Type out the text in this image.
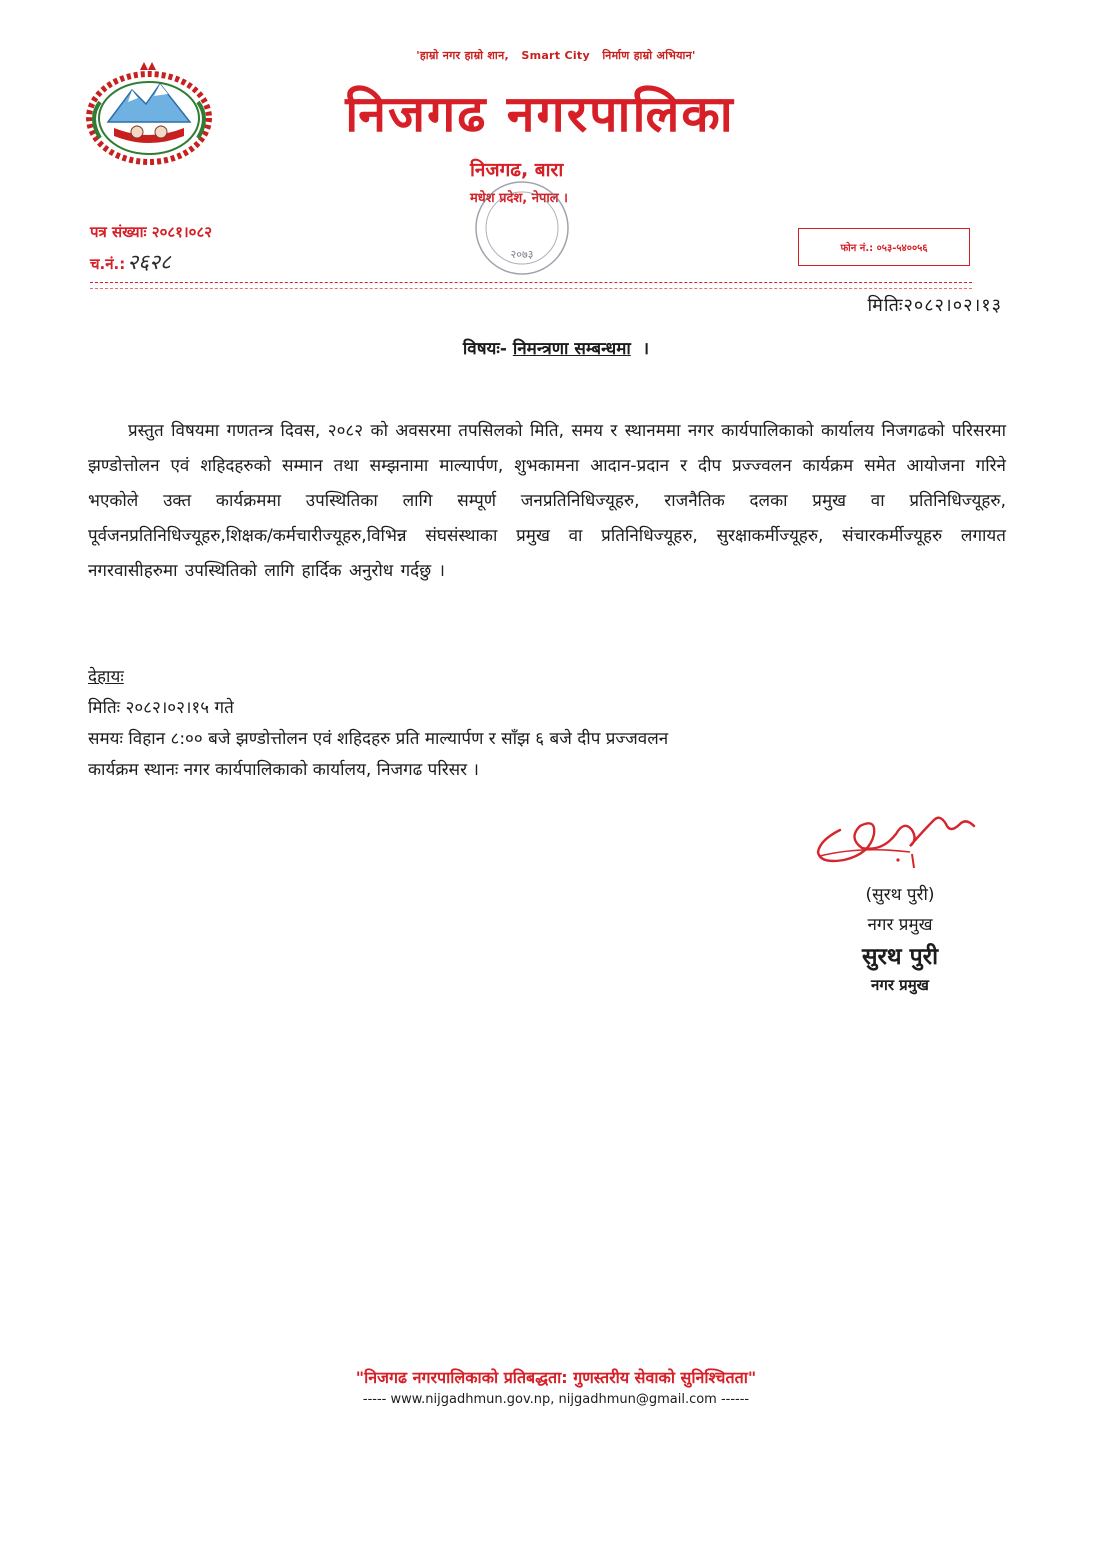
'हाम्रो नगर हाम्रो शान, Smart City निर्माण हाम्रो अभियान'
निजगढ नगरपालिका
निजगढ, बारा
मधेश प्रदेश, नेपाल ।
२०७३
पत्र संख्याः २०८१।०८२
च.नं.:२६२८
फोन नं.: ०५३-५४००५६
मितिः२०८२।०२।१३
विषयः- निमन्त्रणा सम्बन्धमा ।
प्रस्तुत विषयमा गणतन्त्र दिवस, २०८२ को अवसरमा तपसिलको मिति, समय र स्थानममा नगर कार्यपालिकाको कार्यालय निजगढको परिसरमा झण्डोत्तोलन एवं शहिदहरुको सम्मान तथा सम्झनामा माल्यार्पण, शुभकामना आदान-प्रदान र दीप प्रज्ज्वलन कार्यक्रम समेत आयोजना गरिने भएकोले उक्त कार्यक्रममा उपस्थितिका लागि सम्पूर्ण जनप्रतिनिधिज्यूहरु, राजनैतिक दलका प्रमुख वा प्रतिनिधिज्यूहरु, पूर्वजनप्रतिनिधिज्यूहरु,शिक्षक/कर्मचारीज्यूहरु,विभिन्न संघसंस्थाका प्रमुख वा प्रतिनिधिज्यूहरु, सुरक्षाकर्मीज्यूहरु, संचारकर्मीज्यूहरु लगायत नगरवासीहरुमा उपस्थितिको लागि हार्दिक अनुरोध गर्दछु ।
देहायः
मितिः २०८२।०२।१५ गते
समयः विहान ८:०० बजे झण्डोत्तोलन एवं शहिदहरु प्रति माल्यार्पण र साँझ ६ बजे दीप प्रज्जवलन
कार्यक्रम स्थानः नगर कार्यपालिकाको कार्यालय, निजगढ परिसर ।
(सुरथ पुरी)
नगर प्रमुख
सुरथ पुरी
नगर प्रमुख
"निजगढ नगरपालिकाको प्रतिबद्धता: गुणस्तरीय सेवाको सुनिश्चितता"
----- www.nijgadhmun.gov.np, nijgadhmun@gmail.com ------
